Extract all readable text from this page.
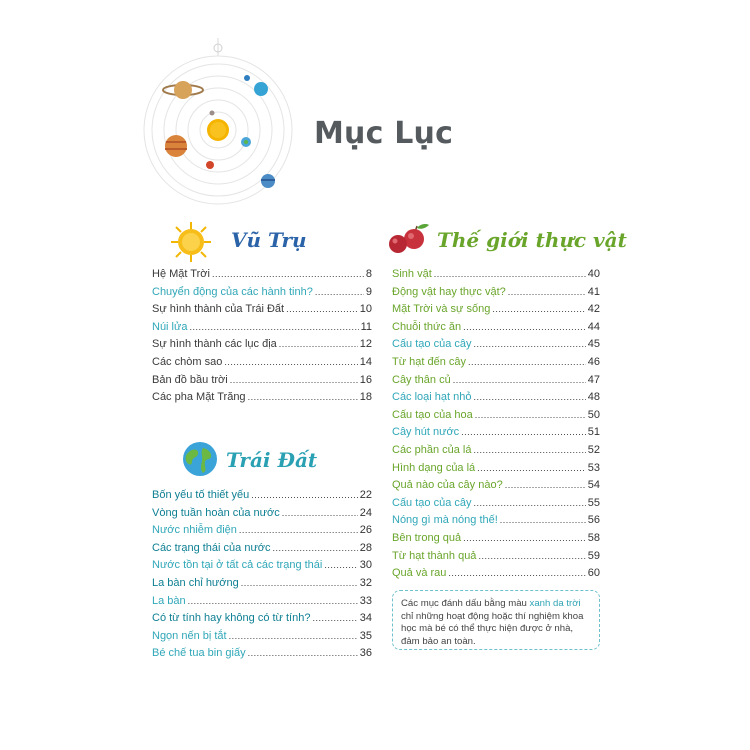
Mục Lục
Vũ Trụ
Hệ Mặt Trời .....	8
Chuyển động của các hành tinh? .....	9
Sự hình thành của Trái Đất .....	10
Núi lửa .....	11
Sự hình thành các lục địa .....	12
Các chòm sao .....	14
Bản đồ bầu trời .....	16
Các pha Mặt Trăng .....	18
Trái Đất
Bốn yếu tố thiết yếu .....	22
Vòng tuần hoàn của nước .....	24
Nước nhiễm điện .....	26
Các trạng thái của nước .....	28
Nước tồn tại ở tất cả các trạng thái .....	30
La bàn chỉ hướng .....	32
La bàn .....	33
Có từ tính hay không có từ tính? .....	34
Ngọn nến bị tắt .....	35
Bé chế tua bin giấy .....	36
Thế giới thực vật
Sinh vật .....	40
Động vật hay thực vật? .....	41
Mặt Trời và sự sống .....	42
Chuỗi thức ăn .....	44
Cấu tạo của cây .....	45
Từ hạt đến cây .....	46
Cây thân củ .....	47
Các loại hạt nhỏ .....	48
Cấu tạo của hoa .....	50
Cây hút nước .....	51
Các phần của lá .....	52
Hình dạng của lá .....	53
Quả nào của cây nào? .....	54
Cấu tạo của cây .....	55
Nóng gì mà nóng thế! .....	56
Bên trong quả .....	58
Từ hạt thành quả .....	59
Quả và rau .....	60
Các mục đánh dấu bằng màu xanh da trời chỉ những hoạt động hoặc thí nghiệm khoa học mà bé có thể thực hiện được ở nhà, đảm bảo an toàn.
